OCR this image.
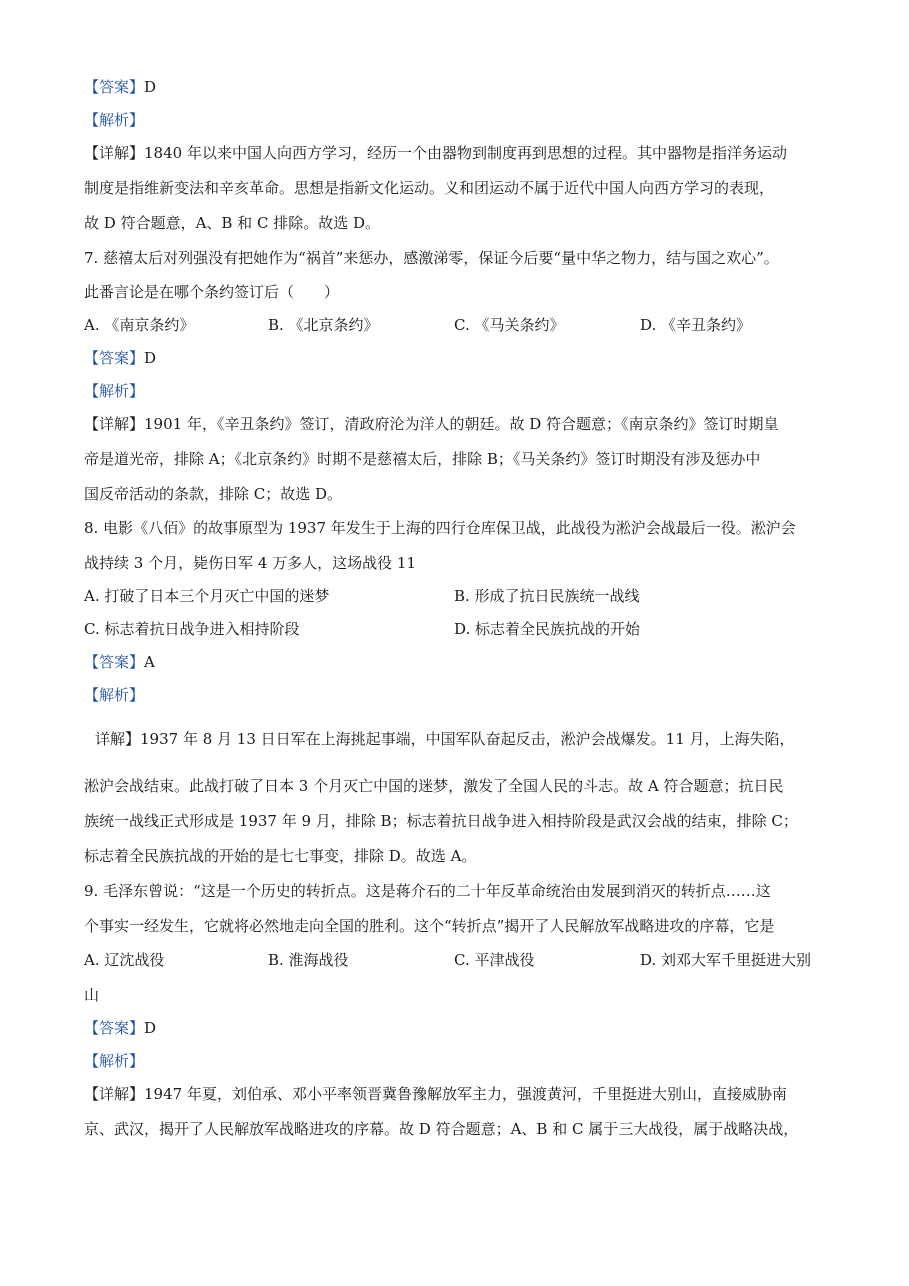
【答案】D
【解析】
【详解】1840 年以来中国人向西方学习，经历一个由器物到制度再到思想的过程。其中器物是指洋务运动
制度是指维新变法和辛亥革命。思想是指新文化运动。义和团运动不属于近代中国人向西方学习的表现，
故 D 符合题意，A、B 和 C 排除。故选 D。
7. 慈禧太后对列强没有把她作为“祸首”来惩办，感激涕零，保证今后要“量中华之物力，结与国之欢心”。
此番言论是在哪个条约签订后（　　）
A. 《南京条约》	B. 《北京条约》	C. 《马关条约》	D. 《辛丑条约》
【答案】D
【解析】
【详解】1901 年，《辛丑条约》签订，清政府沦为洋人的朝廷。故 D 符合题意；《南京条约》签订时期皇
帝是道光帝，排除 A；《北京条约》时期不是慈禧太后，排除 B；《马关条约》签订时期没有涉及惩办中
国反帝活动的条款，排除 C；故选 D。
8. 电影《八佰》的故事原型为 1937 年发生于上海的四行仓库保卫战，此战役为淞沪会战最后一役。淞沪会
战持续 3 个月，毙伤日军 4 万多人，这场战役 11
A. 打破了日本三个月灭亡中国的迷梦	B. 形成了抗日民族统一战线
C. 标志着抗日战争进入相持阶段	D. 标志着全民族抗战的开始
【答案】A
【解析】
详解】1937 年 8 月 13 日日军在上海挑起事端，中国军队奋起反击，淞沪会战爆发。11 月，上海失陷，
淞沪会战结束。此战打破了日本 3 个月灭亡中国的迷梦，激发了全国人民的斗志。故 A 符合题意；抗日民
族统一战线正式形成是 1937 年 9 月，排除 B；标志着抗日战争进入相持阶段是武汉会战的结束，排除 C；
标志着全民族抗战的开始的是七七事变，排除 D。故选 A。
9. 毛泽东曾说：“这是一个历史的转折点。这是蒋介石的二十年反革命统治由发展到消灭的转折点……这
个事实一经发生，它就将必然地走向全国的胜利。这个“转折点”揭开了人民解放军战略进攻的序幕，它是
A. 辽沈战役	B. 淮海战役	C. 平津战役	D. 刘邓大军千里挺进大别
山
【答案】D
【解析】
【详解】1947 年夏，刘伯承、邓小平率领晋冀鲁豫解放军主力，强渡黄河，千里挺进大别山，直接威胁南
京、武汉，揭开了人民解放军战略进攻的序幕。故 D 符合题意；A、B 和 C 属于三大战役，属于战略决战，
